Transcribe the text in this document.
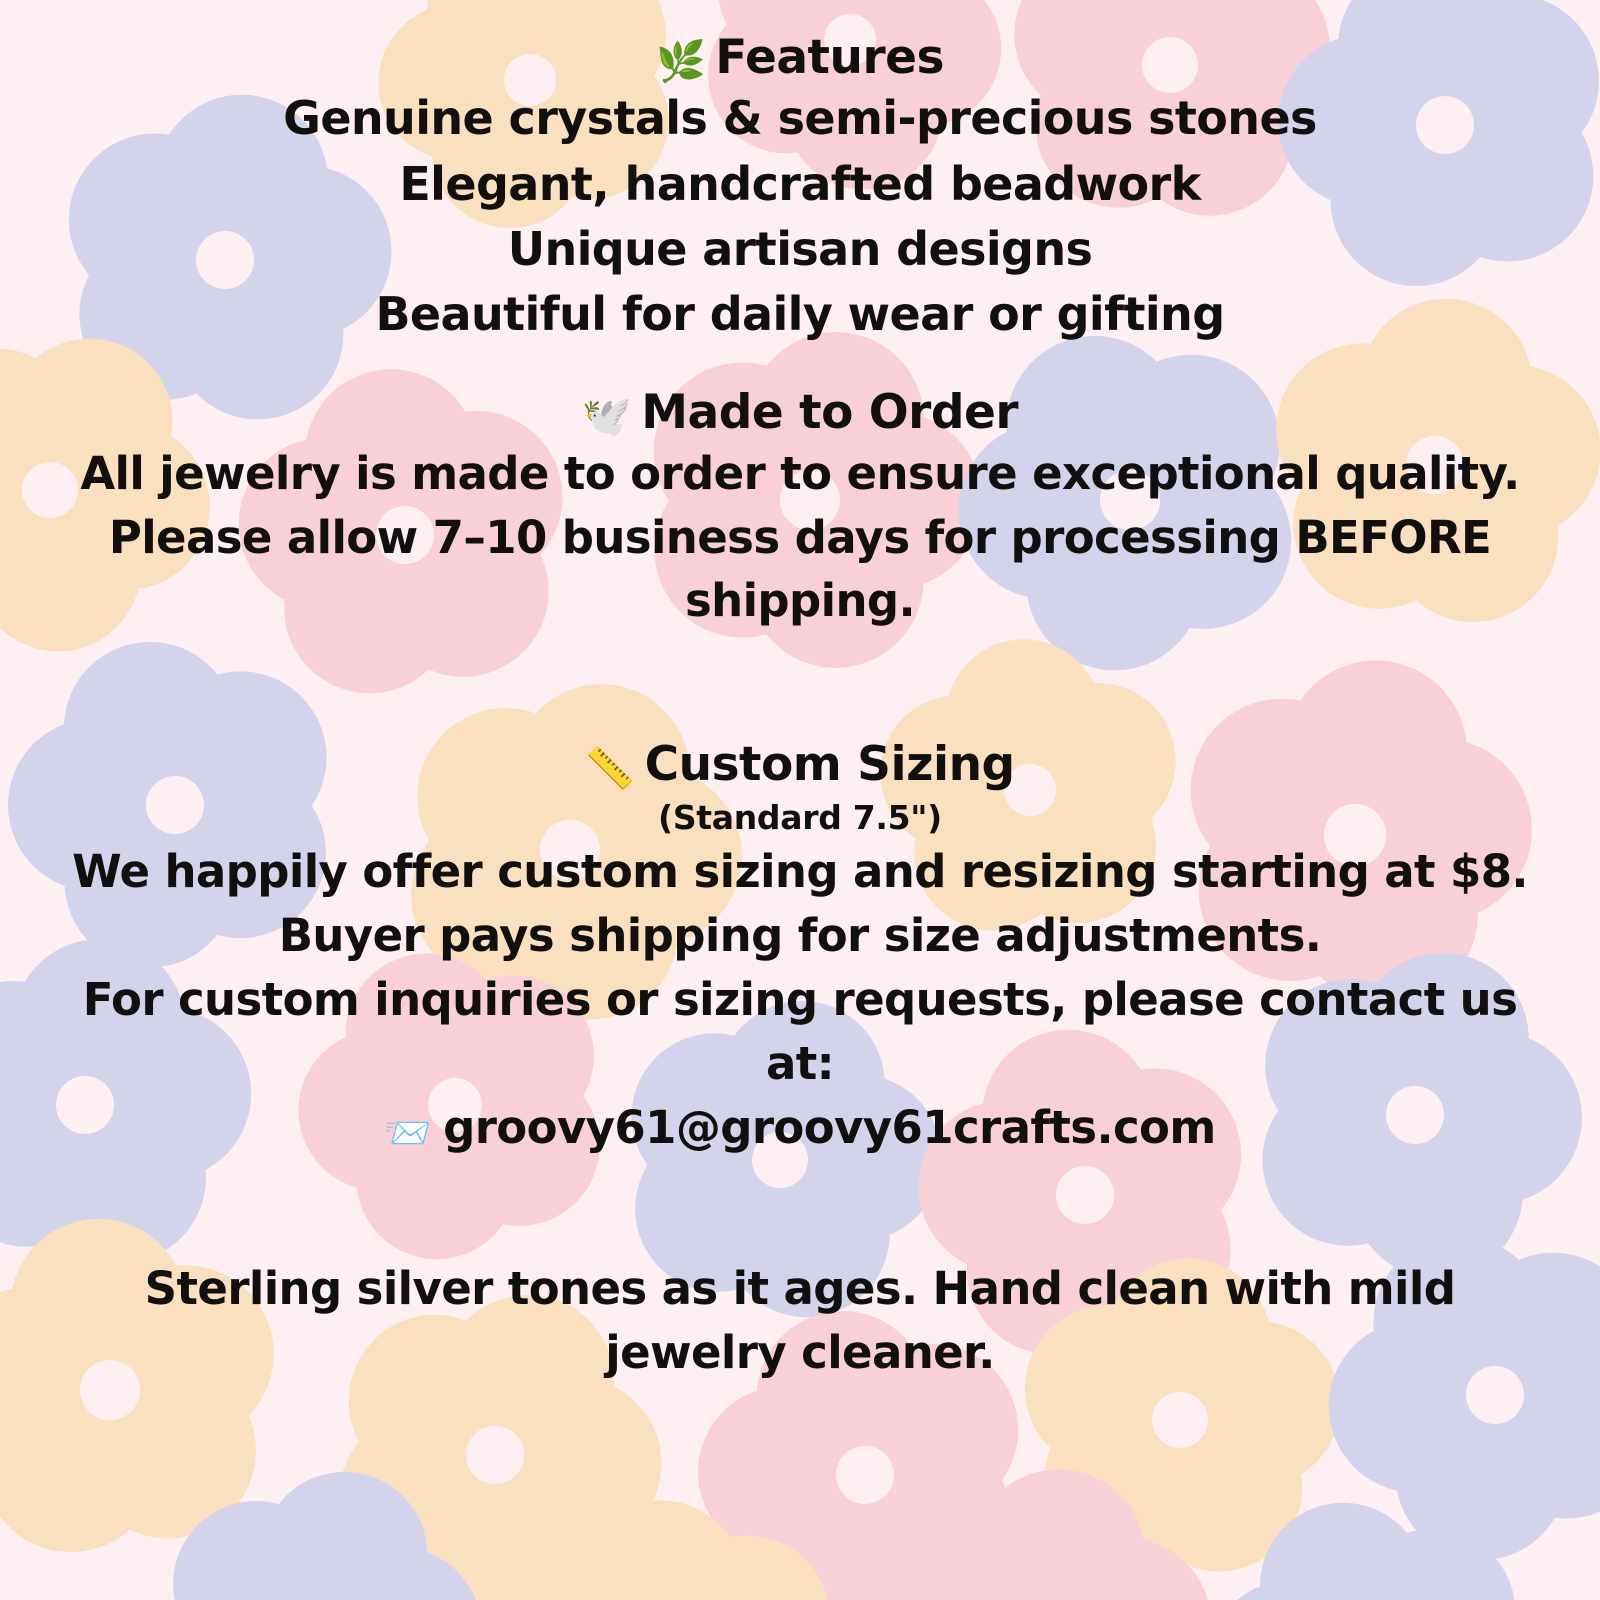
🌿 Features

Genuine crystals & semi-precious stones

Elegant, handcrafted beadwork

Unique artisan designs

Beautiful for daily wear or gifting

🕊️ Made to Order

All jewelry is made to order to ensure exceptional quality.

Please allow 7–10 business days for processing BEFORE

shipping.

📏 Custom Sizing

(Standard 7.5")

We happily offer custom sizing and resizing starting at $8.

Buyer pays shipping for size adjustments.

For custom inquiries or sizing requests, please contact us

at:

📨 groovy61@groovy61crafts.com

Sterling silver tones as it ages. Hand clean with mild

jewelry cleaner.
